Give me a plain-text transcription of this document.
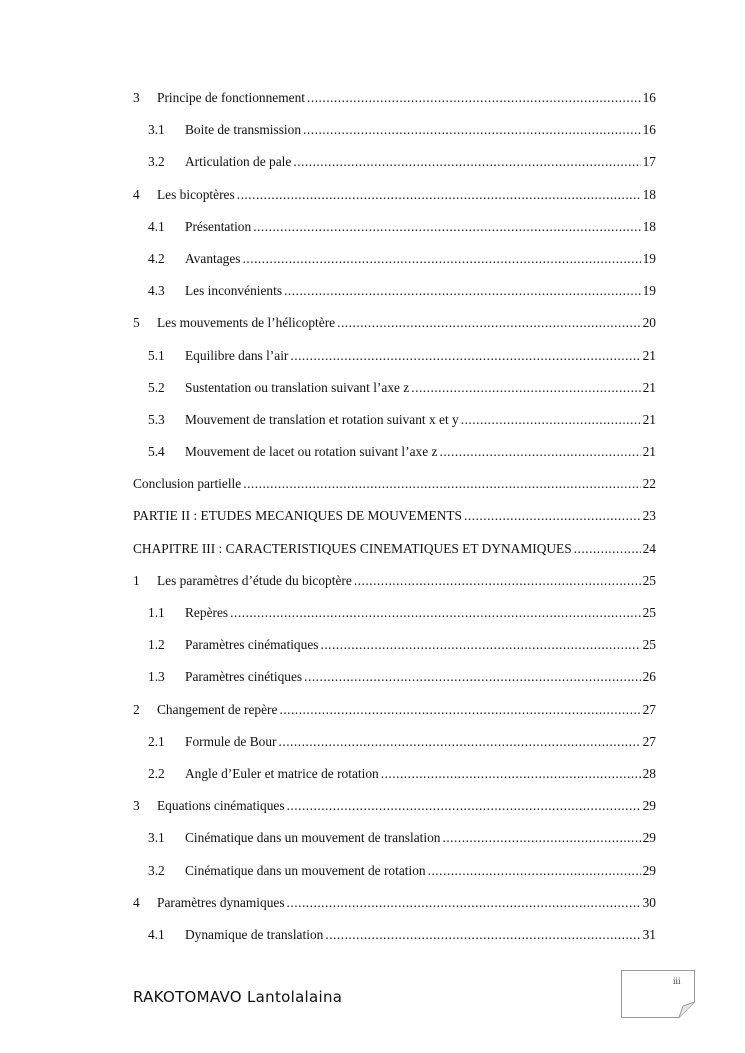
3	Principe de fonctionnement .....	16
3.1	Boite de transmission .....	16
3.2	Articulation de pale .....	17
4	Les bicoptères .....	18
4.1	Présentation .....	18
4.2	Avantages .....	19
4.3	Les inconvénients .....	19
5	Les mouvements de l’hélicoptère .....	20
5.1	Equilibre dans l’air .....	21
5.2	Sustentation ou translation suivant l’axe z .....	21
5.3	Mouvement de translation et rotation suivant x et y .....	21
5.4	Mouvement de lacet ou rotation suivant l’axe z .....	21
Conclusion partielle .....	22
PARTIE II : ETUDES MECANIQUES DE MOUVEMENTS .....	23
CHAPITRE III : CARACTERISTIQUES CINEMATIQUES ET DYNAMIQUES .....	24
1	Les paramètres d’étude du bicoptère .....	25
1.1	Repères .....	25
1.2	Paramètres cinématiques .....	25
1.3	Paramètres cinétiques .....	26
2	Changement de repère .....	27
2.1	Formule de Bour .....	27
2.2	Angle d’Euler et matrice de rotation .....	28
3	Equations cinématiques .....	29
3.1	Cinématique dans un mouvement de translation .....	29
3.2	Cinématique dans un mouvement de rotation .....	29
4	Paramètres dynamiques .....	30
4.1	Dynamique de translation .....	31
iii
RAKOTOMAVO Lantolalaina
